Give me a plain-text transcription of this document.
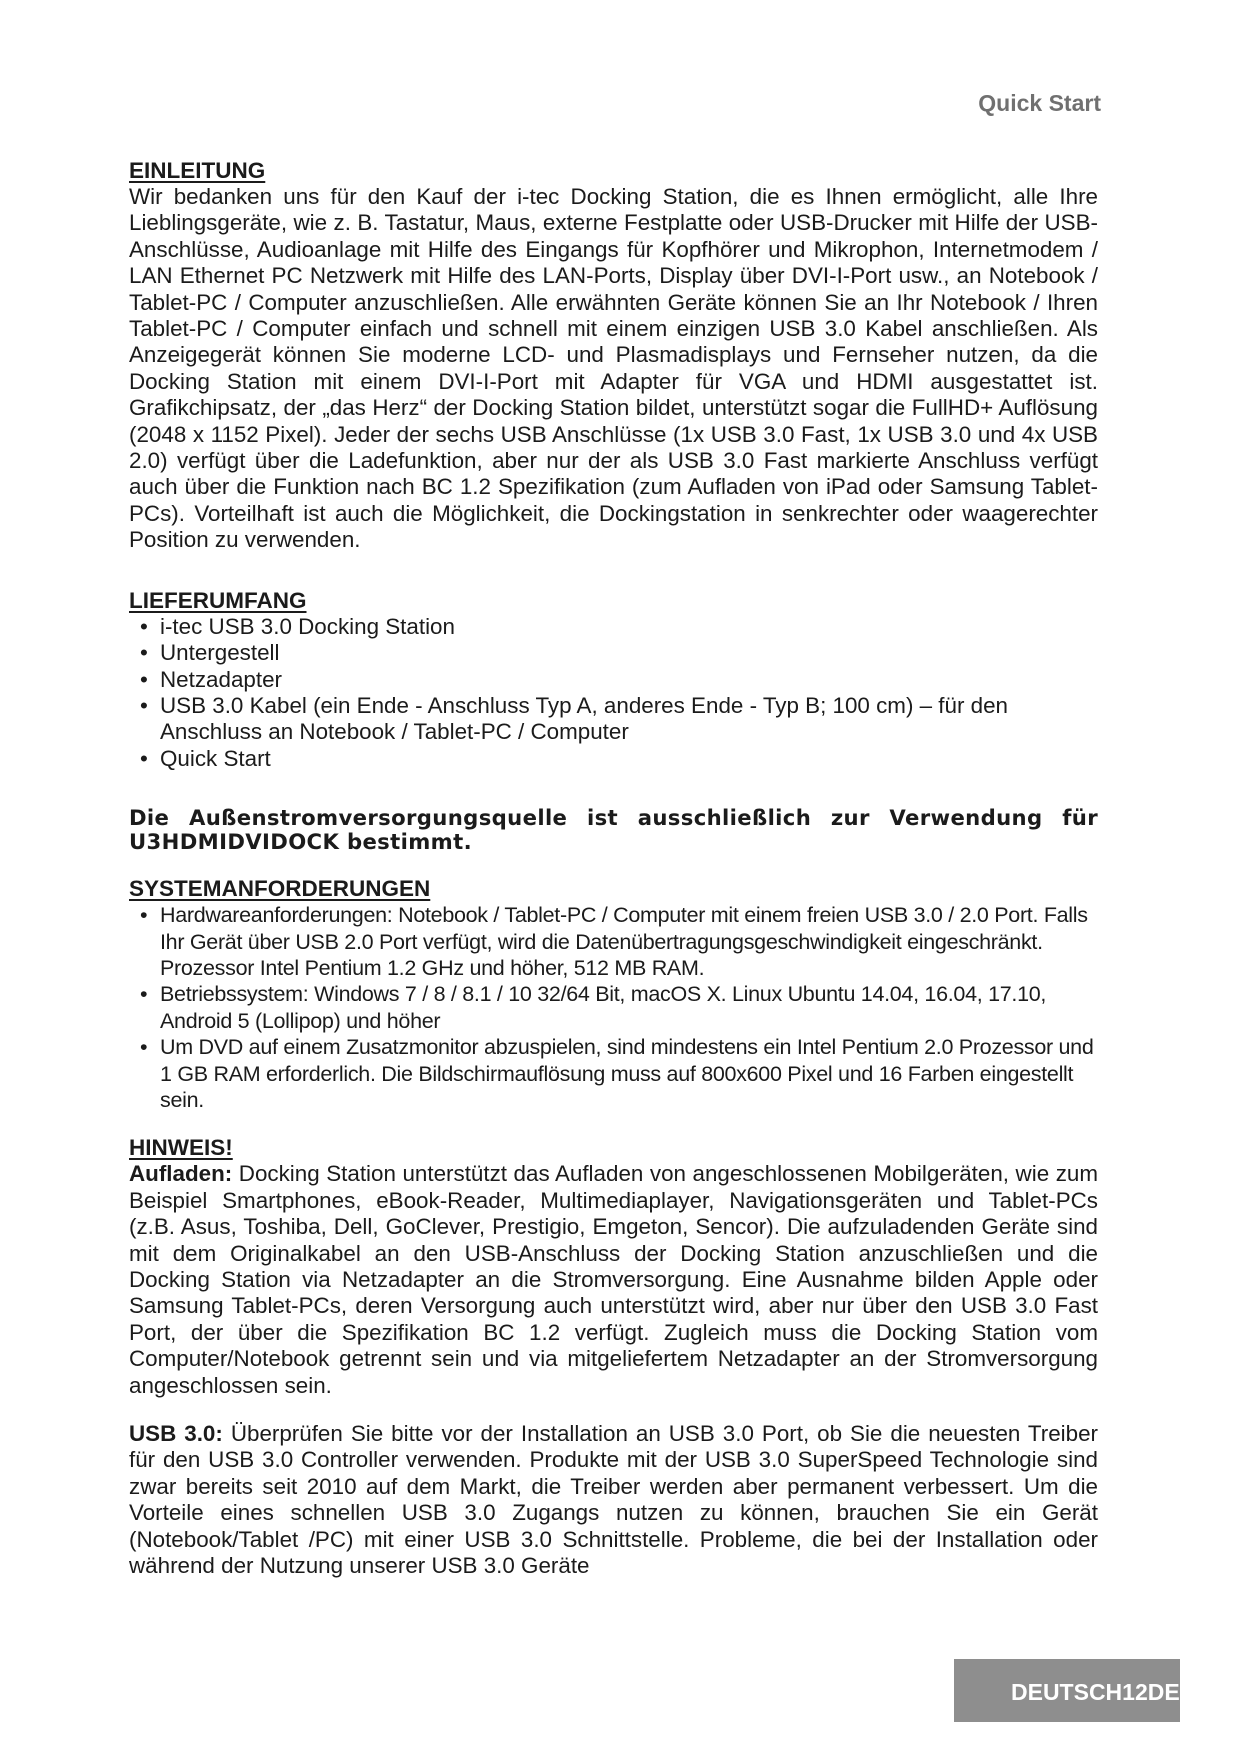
Quick Start
EINLEITUNG

Wir bedanken uns für den Kauf der i-tec Docking Station, die es Ihnen ermöglicht, alle Ihre Lieblingsgeräte, wie z. B. Tastatur, Maus, externe Festplatte oder USB-Drucker mit Hilfe der USB-Anschlüsse, Audioanlage mit Hilfe des Eingangs für Kopfhörer und Mikrophon, Internetmodem / LAN Ethernet PC Netzwerk mit Hilfe des LAN-Ports, Display über DVI-I-Port usw., an Notebook / Tablet-PC / Computer anzuschließen. Alle erwähnten Geräte können Sie an Ihr Notebook / Ihren Tablet-PC / Computer einfach und schnell mit einem einzigen USB 3.0 Kabel anschließen. Als Anzeigegerät können Sie moderne LCD- und Plasmadisplays und Fernseher nutzen, da die Docking Station mit einem DVI-I-Port mit Adapter für VGA und HDMI ausgestattet ist. Grafikchipsatz, der „das Herz“ der Docking Station bildet, unterstützt sogar die FullHD+ Auflösung (2048 x 1152 Pixel). Jeder der sechs USB Anschlüsse (1x USB 3.0 Fast, 1x USB 3.0 und 4x USB 2.0) verfügt über die Ladefunktion, aber nur der als USB 3.0 Fast markierte Anschluss verfügt auch über die Funktion nach BC 1.2 Spezifikation (zum Aufladen von iPad oder Samsung Tablet-PCs). Vorteilhaft ist auch die Möglichkeit, die Dockingstation in senkrechter oder waagerechter Position zu verwenden.

LIEFERUMFANG
• i-tec USB 3.0 Docking Station
• Untergestell
• Netzadapter
• USB 3.0 Kabel (ein Ende - Anschluss Typ A, anderes Ende - Typ B; 100 cm) – für den Anschluss an Notebook / Tablet-PC / Computer
• Quick Start

Die Außenstromversorgungsquelle ist ausschließlich zur Verwendung für U3HDMIDVIDOCK bestimmt.

SYSTEMANFORDERUNGEN
• Hardwareanforderungen: Notebook / Tablet-PC / Computer mit einem freien USB 3.0 / 2.0 Port. Falls Ihr Gerät über USB 2.0 Port verfügt, wird die Datenübertragungsgeschwindigkeit eingeschränkt. Prozessor Intel Pentium 1.2 GHz und höher, 512 MB RAM.
• Betriebssystem: Windows 7 / 8 / 8.1 / 10 32/64 Bit, macOS X. Linux Ubuntu 14.04, 16.04, 17.10, Android 5 (Lollipop) und höher
• Um DVD auf einem Zusatzmonitor abzuspielen, sind mindestens ein Intel Pentium 2.0 Prozessor und 1 GB RAM erforderlich. Die Bildschirmauflösung muss auf 800x600 Pixel und 16 Farben eingestellt sein.
HINWEIS!

Aufladen: Docking Station unterstützt das Aufladen von angeschlossenen Mobilgeräten, wie zum Beispiel Smartphones, eBook-Reader, Multimediaplayer, Navigationsgeräten und Tablet-PCs (z.B. Asus, Toshiba, Dell, GoClever, Prestigio, Emgeton, Sencor). Die aufzuladenden Geräte sind mit dem Originalkabel an den USB-Anschluss der Docking Station anzuschließen und die Docking Station via Netzadapter an die Stromversorgung. Eine Ausnahme bilden Apple oder Samsung Tablet-PCs, deren Versorgung auch unterstützt wird, aber nur über den USB 3.0 Fast Port, der über die Spezifikation BC 1.2 verfügt. Zugleich muss die Docking Station vom Computer/Notebook getrennt sein und via mitgeliefertem Netzadapter an der Stromversorgung angeschlossen sein.

USB 3.0: Überprüfen Sie bitte vor der Installation an USB 3.0 Port, ob Sie die neuesten Treiber für den USB 3.0 Controller verwenden. Produkte mit der USB 3.0 SuperSpeed Technologie sind zwar bereits seit 2010 auf dem Markt, die Treiber werden aber permanent verbessert. Um die Vorteile eines schnellen USB 3.0 Zugangs nutzen zu können, brauchen Sie ein Gerät (Notebook/Tablet /PC) mit einer USB 3.0 Schnittstelle. Probleme, die bei der Installation oder während der Nutzung unserer USB 3.0 Geräte

DEUTSCH12DEUTS
